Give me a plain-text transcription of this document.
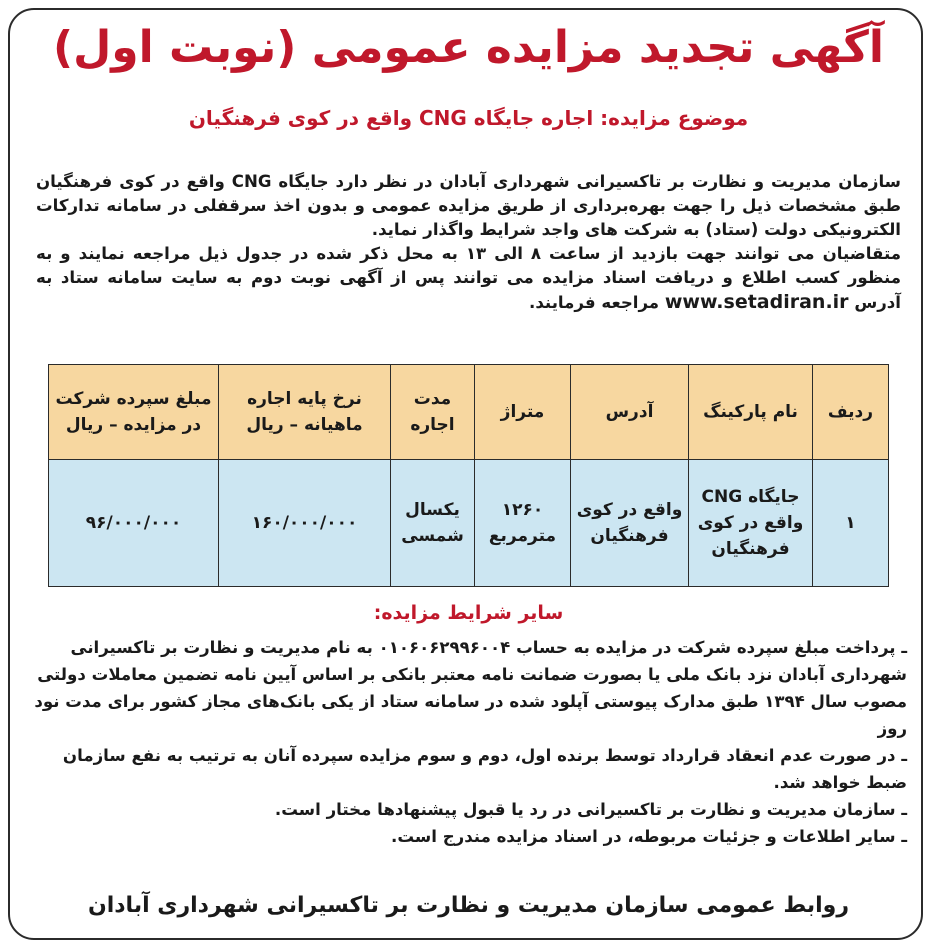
آگهی تجدید مزایده عمومی (نوبت اول)
موضوع مزایده: اجاره جایگاه CNG واقع در کوی فرهنگیان

سازمان مدیریت و نظارت بر تاکسیرانی شهرداری آبادان در نظر دارد جایگاه CNG واقع در کوی فرهنگیان طبق مشخصات ذیل را جهت بهره‌برداری از طریق مزایده عمومی و بدون اخذ سرقفلی در سامانه تدارکات الکترونیکی دولت (ستاد) به شرکت های واجد شرایط واگذار نماید.

متقاضیان می توانند جهت بازدید از ساعت ۸ الی ۱۳ به محل ذکر شده در جدول ذیل مراجعه نمایند و به منظور کسب اطلاع و دریافت اسناد مزایده می توانند پس از آگهی نوبت دوم به سایت سامانه ستاد به آدرس www.setadiran.ir مراجعه فرمایند.

ردیف	نام پارکینگ	آدرس	متراژ	مدت اجاره	نرخ پایه اجاره ماهیانه – ریال	مبلغ سپرده شرکت در مزایده – ریال
۱	جایگاه CNG واقع در کوی فرهنگیان	واقع در کوی فرهنگیان	۱۲۶۰ مترمربع	یکسال شمسی	۱۶۰/۰۰۰/۰۰۰	۹۶/۰۰۰/۰۰۰
سایر شرایط مزایده:

ـ پرداخت مبلغ سپرده شرکت در مزایده به حساب ۰۱۰۶۰۶۲۹۹۶۰۰۴ به نام مدیریت و نظارت بر تاکسیرانی شهرداری آبادان نزد بانک ملی یا بصورت ضمانت نامه معتبر بانکی بر اساس آیین نامه تضمین معاملات دولتی مصوب سال ۱۳۹۴ طبق مدارک پیوستی آپلود شده در سامانه ستاد از یکی بانک‌های مجاز کشور برای مدت نود روز

ـ در صورت عدم انعقاد قرارداد توسط برنده اول، دوم و سوم مزایده سپرده آنان به ترتیب به نفع سازمان ضبط خواهد شد.

ـ سازمان مدیریت و نظارت بر تاکسیرانی در رد یا قبول پیشنهادها مختار است.

ـ سایر اطلاعات و جزئیات مربوطه، در اسناد مزایده مندرج است.

روابط عمومی سازمان مدیریت و نظارت بر تاکسیرانی شهرداری آبادان
